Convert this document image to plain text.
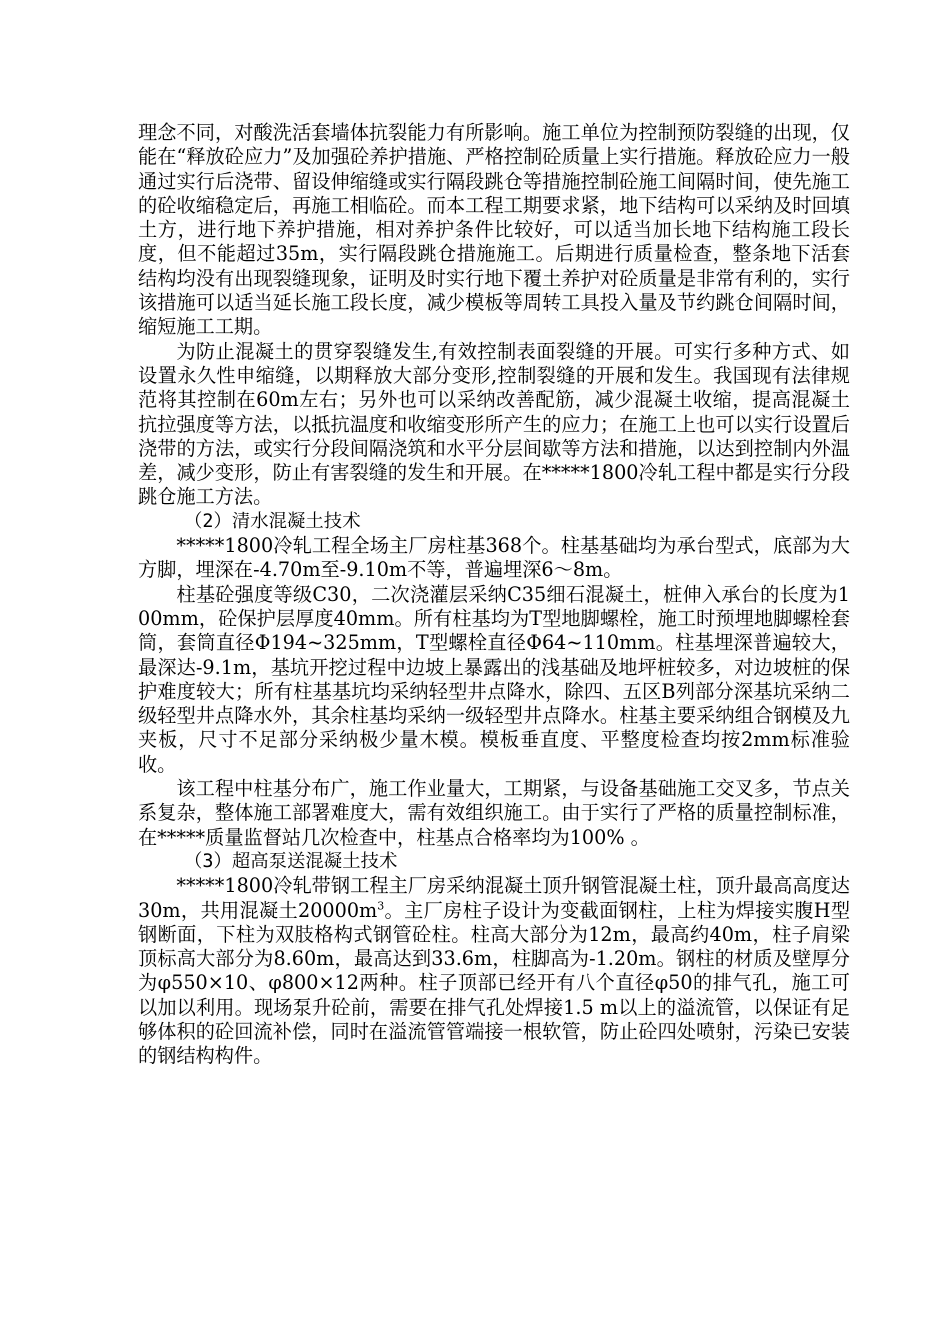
理念不同，对酸洗活套墙体抗裂能力有所影响。施工单位为控制预防裂缝的出现，仅能在“释放砼应力”及加强砼养护措施、严格控制砼质量上实行措施。释放砼应力一般通过实行后浇带、留设伸缩缝或实行隔段跳仓等措施控制砼施工间隔时间，使先施工的砼收缩稳定后，再施工相临砼。而本工程工期要求紧，地下结构可以采纳及时回填土方，进行地下养护措施，相对养护条件比较好，可以适当加长地下结构施工段长度，但不能超过35m，实行隔段跳仓措施施工。后期进行质量检查，整条地下活套结构均没有出现裂缝现象，证明及时实行地下覆土养护对砼质量是非常有利的，实行该措施可以适当延长施工段长度，减少模板等周转工具投入量及节约跳仓间隔时间，缩短施工工期。

为防止混凝土的贯穿裂缝发生,有效控制表面裂缝的开展。可实行多种方式、如设置永久性申缩缝，以期释放大部分变形,控制裂缝的开展和发生。我国现有法律规范将其控制在60m左右；另外也可以采纳改善配筋，减少混凝土收缩，提高混凝土抗拉强度等方法，以抵抗温度和收缩变形所产生的应力；在施工上也可以实行设置后浇带的方法，或实行分段间隔浇筑和水平分层间歇等方法和措施，以达到控制内外温差，减少变形，防止有害裂缝的发生和开展。在*****1800冷轧工程中都是实行分段跳仓施工方法。

（2）清水混凝土技术

*****1800冷轧工程全场主厂房柱基368个。柱基基础均为承台型式，底部为大方脚，埋深在-4.70m至-9.10m不等，普遍埋深6～8m。

柱基砼强度等级C30，二次浇灌层采纳C35细石混凝土，桩伸入承台的长度为100mm，砼保护层厚度40mm。所有柱基均为T型地脚螺栓，施工时预埋地脚螺栓套筒，套筒直径Φ194~325mm，T型螺栓直径Φ64~110mm。柱基埋深普遍较大，最深达-9.1m，基坑开挖过程中边坡上暴露出的浅基础及地坪桩较多，对边坡桩的保护难度较大；所有柱基基坑均采纳轻型井点降水，除四、五区B列部分深基坑采纳二级轻型井点降水外，其余柱基均采纳一级轻型井点降水。柱基主要采纳组合钢模及九夹板，尺寸不足部分采纳极少量木模。模板垂直度、平整度检查均按2mm标准验收。

该工程中柱基分布广，施工作业量大，工期紧，与设备基础施工交叉多，节点关系复杂，整体施工部署难度大，需有效组织施工。由于实行了严格的质量控制标准，在*****质量监督站几次检查中，柱基点合格率均为100% 。

（3）超高泵送混凝土技术

*****1800冷轧带钢工程主厂房采纳混凝土顶升钢管混凝土柱，顶升最高高度达30m，共用混凝土$20000m^3$。主厂房柱子设计为变截面钢柱，上柱为焊接实腹H型钢断面，下柱为双肢格构式钢管砼柱。柱高大部分为12m，最高约40m，柱子肩梁顶标高大部分为8.60m，最高达到33.6m，柱脚高为-1.20m。钢柱的材质及壁厚分为φ550×10、φ800×12两种。柱子顶部已经开有八个直径φ50的排气孔，施工可以加以利用。现场泵升砼前，需要在排气孔处焊接1.5 m以上的溢流管，以保证有足够体积的砼回流补偿，同时在溢流管管端接一根软管，防止砼四处喷射，污染已安装的钢结构构件。
